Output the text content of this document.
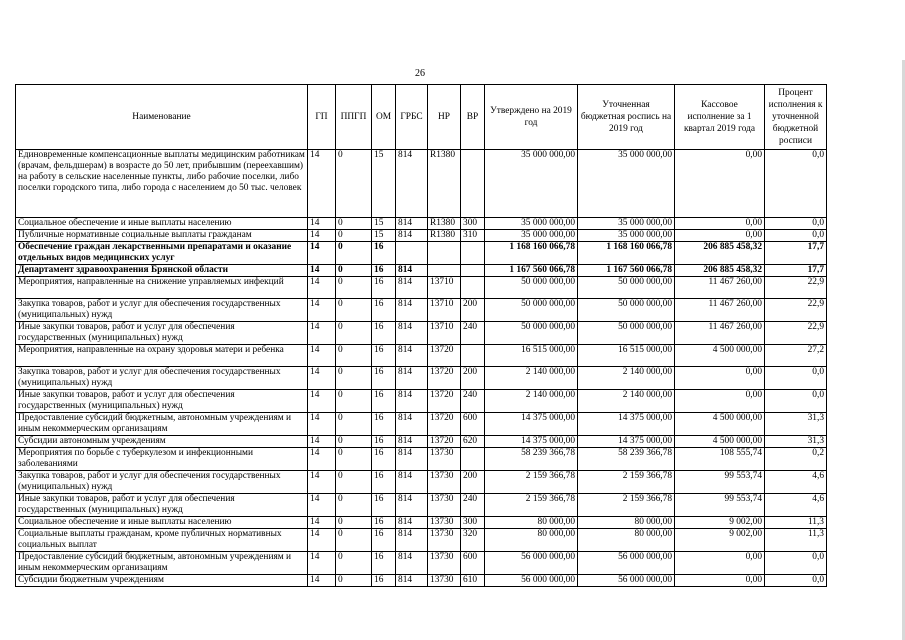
26
Наименование	ГП	ППГП	ОМ	ГРБС	НР	ВР	Утверждено на 2019 год	Уточненная бюджетная роспись на 2019 год	Кассовое исполнение за 1 квартал 2019 года	Процент исполнения к уточненной бюджетной росписи
Единовременные компенсационные выплаты медицинским работникам (врачам, фельдшерам) в возрасте до 50 лет, прибывшим (переехавшим) на работу в сельские населенные пункты, либо рабочие поселки, либо поселки городского типа, либо города с населением до 50 тыс. человек	14	0	15	814	R1380		35 000 000,00	35 000 000,00	0,00	0,0
Социальное обеспечение и иные выплаты населению	14	0	15	814	R1380	300	35 000 000,00	35 000 000,00	0,00	0,0
Публичные нормативные социальные выплаты гражданам	14	0	15	814	R1380	310	35 000 000,00	35 000 000,00	0,00	0,0
Обеспечение граждан лекарственными препаратами и оказание отдельных видов медицинских услуг	14	0	16				1 168 160 066,78	1 168 160 066,78	206 885 458,32	17,7
Департамент здравоохранения Брянской области	14	0	16	814			1 167 560 066,78	1 167 560 066,78	206 885 458,32	17,7
Мероприятия, направленные на снижение управляемых инфекций	14	0	16	814	13710		50 000 000,00	50 000 000,00	11 467 260,00	22,9
Закупка товаров, работ и услуг для обеспечения государственных (муниципальных) нужд	14	0	16	814	13710	200	50 000 000,00	50 000 000,00	11 467 260,00	22,9
Иные закупки товаров, работ и услуг для обеспечения государственных (муниципальных) нужд	14	0	16	814	13710	240	50 000 000,00	50 000 000,00	11 467 260,00	22,9
Мероприятия, направленные на охрану здоровья матери и ребенка	14	0	16	814	13720		16 515 000,00	16 515 000,00	4 500 000,00	27,2
Закупка товаров, работ и услуг для обеспечения государственных (муниципальных) нужд	14	0	16	814	13720	200	2 140 000,00	2 140 000,00	0,00	0,0
Иные закупки товаров, работ и услуг для обеспечения государственных (муниципальных) нужд	14	0	16	814	13720	240	2 140 000,00	2 140 000,00	0,00	0,0
Предоставление субсидий бюджетным, автономным учреждениям и иным некоммерческим организациям	14	0	16	814	13720	600	14 375 000,00	14 375 000,00	4 500 000,00	31,3
Субсидии автономным учреждениям	14	0	16	814	13720	620	14 375 000,00	14 375 000,00	4 500 000,00	31,3
Мероприятия по борьбе с туберкулезом и инфекционными заболеваниями	14	0	16	814	13730		58 239 366,78	58 239 366,78	108 555,74	0,2
Закупка товаров, работ и услуг для обеспечения государственных (муниципальных) нужд	14	0	16	814	13730	200	2 159 366,78	2 159 366,78	99 553,74	4,6
Иные закупки товаров, работ и услуг для обеспечения государственных (муниципальных) нужд	14	0	16	814	13730	240	2 159 366,78	2 159 366,78	99 553,74	4,6
Социальное обеспечение и иные выплаты населению	14	0	16	814	13730	300	80 000,00	80 000,00	9 002,00	11,3
Социальные выплаты гражданам, кроме публичных нормативных социальных выплат	14	0	16	814	13730	320	80 000,00	80 000,00	9 002,00	11,3
Предоставление субсидий бюджетным, автономным учреждениям и иным некоммерческим организациям	14	0	16	814	13730	600	56 000 000,00	56 000 000,00	0,00	0,0
Субсидии бюджетным учреждениям	14	0	16	814	13730	610	56 000 000,00	56 000 000,00	0,00	0,0
